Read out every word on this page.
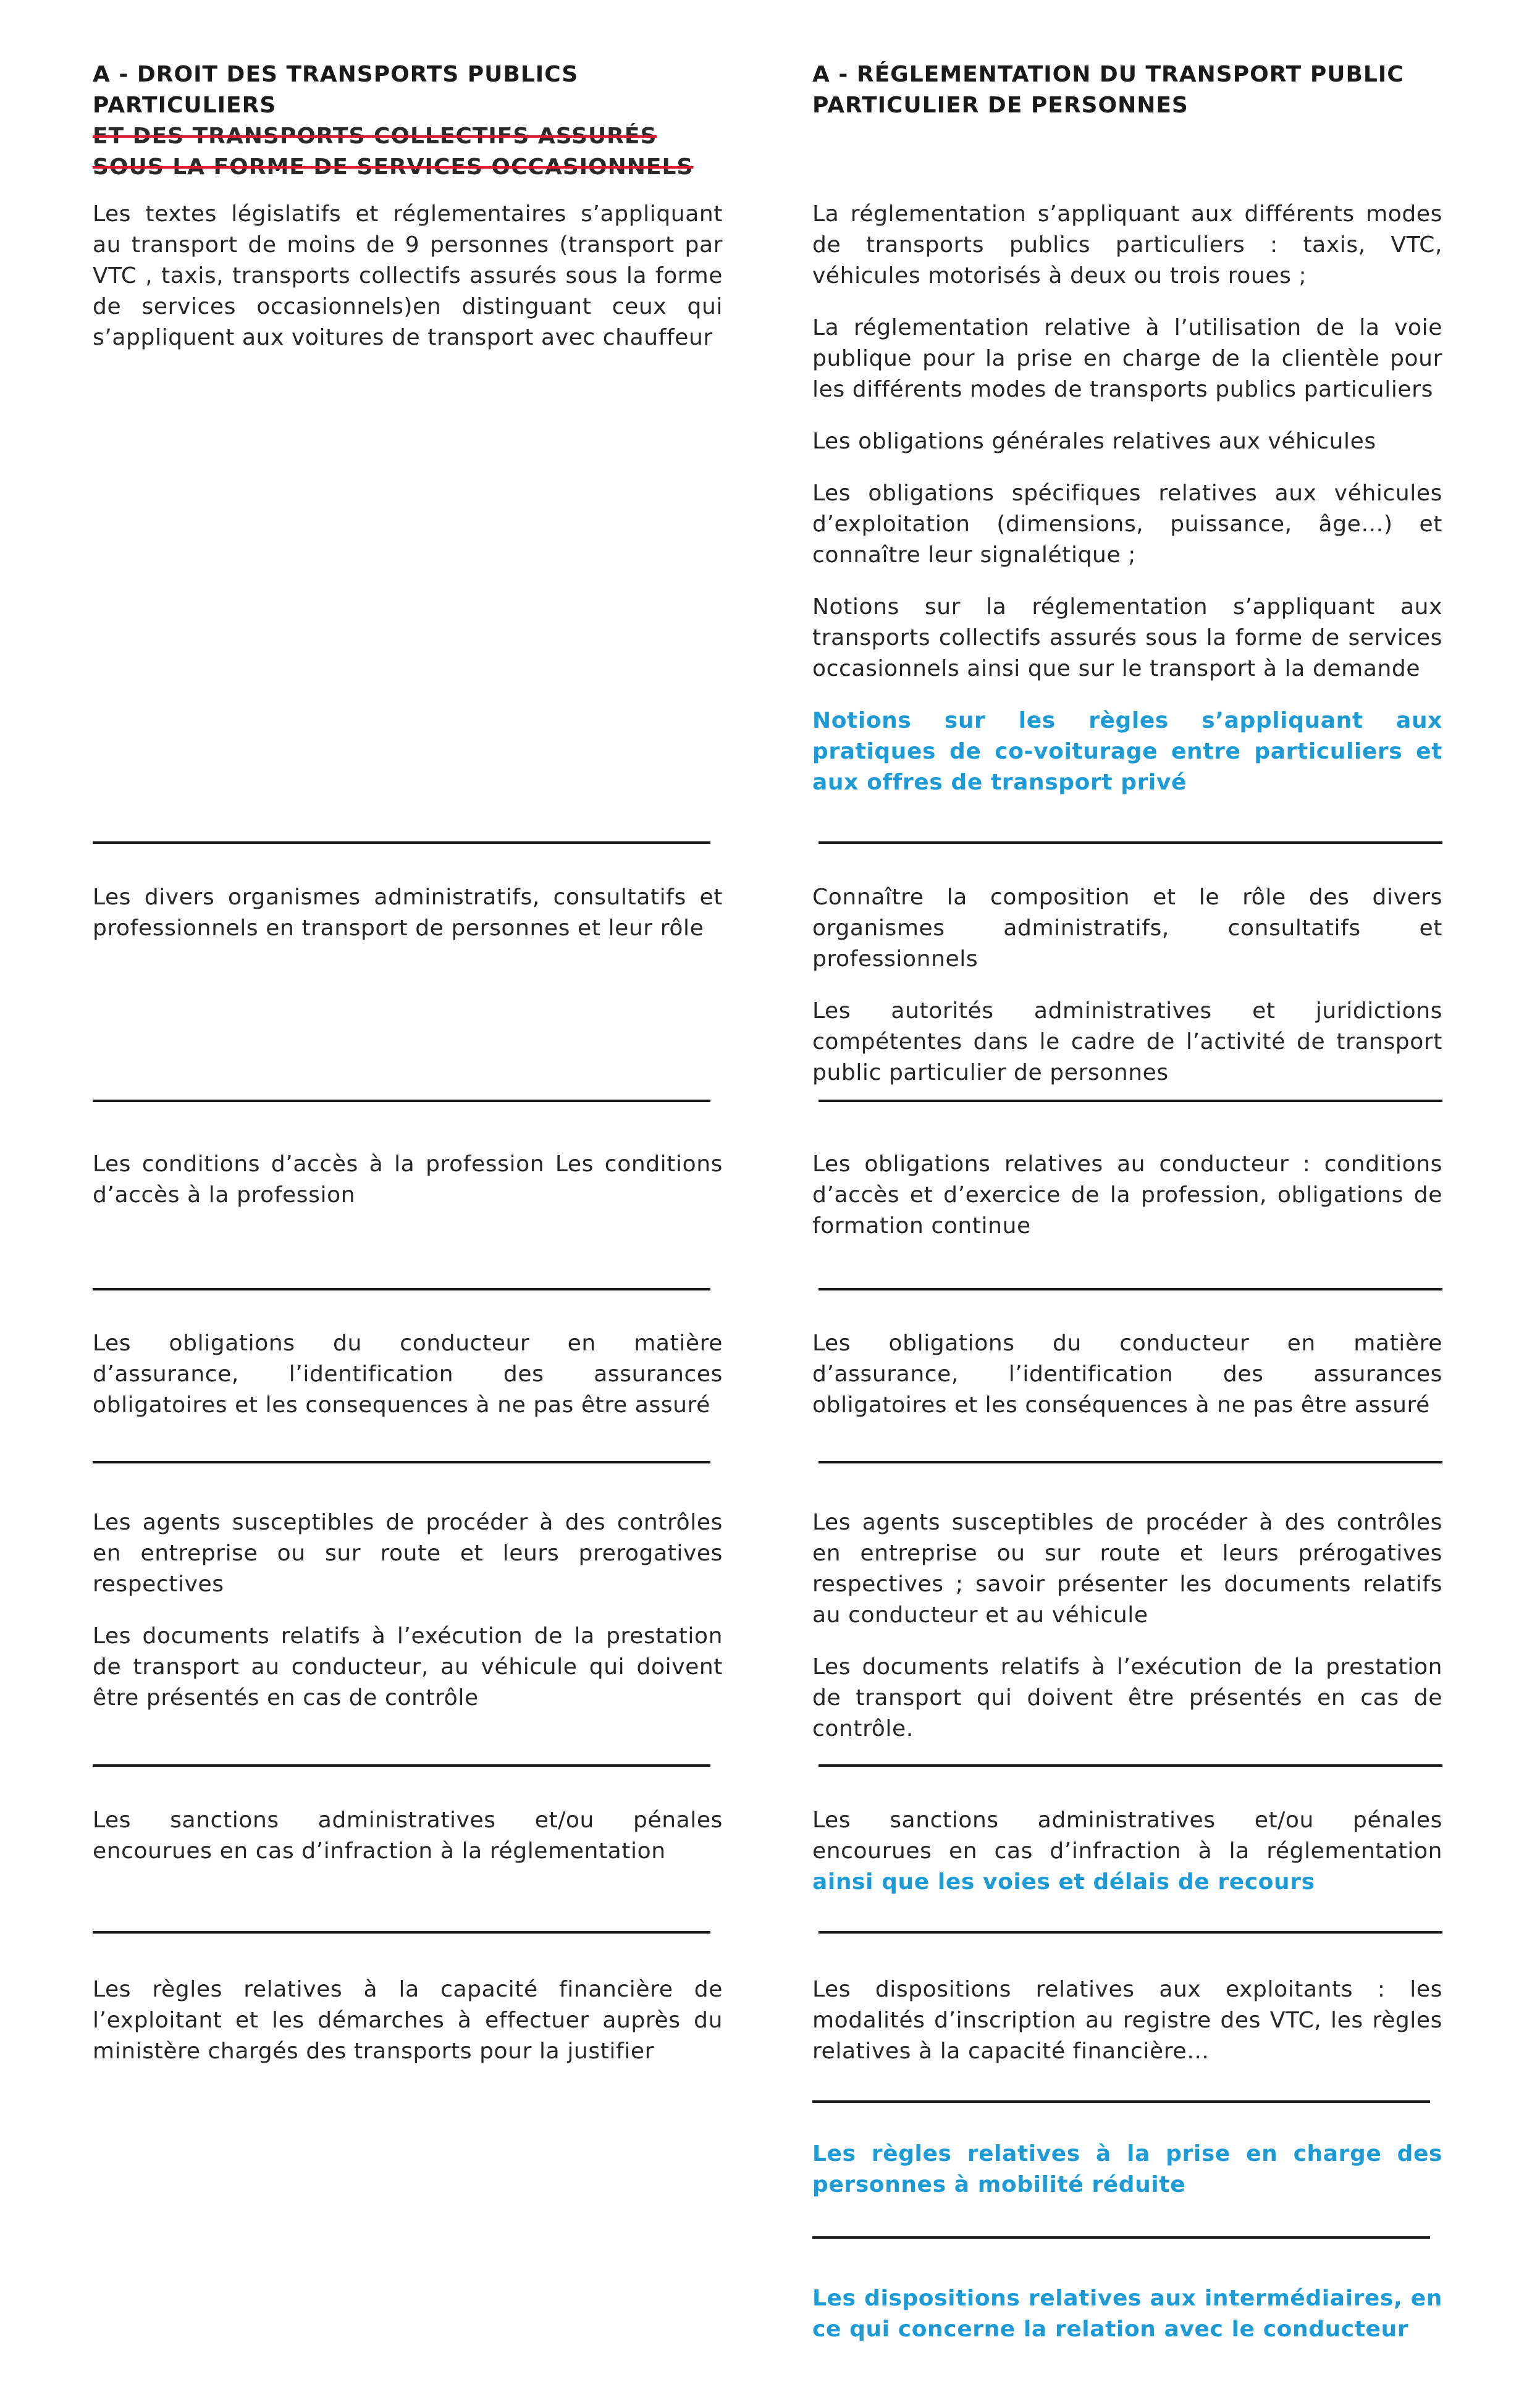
A - DROIT DES TRANSPORTS PUBLICS PARTICULIERS
ET DES TRANSPORTS COLLECTIFS ASSURÉS SOUS LA FORME DE SERVICES OCCASIONNELS

Les textes législatifs et réglementaires s’appliquant au transport de moins de 9 personnes (transport par VTC , taxis, transports collectifs assurés sous la forme de services occasionnels)en distinguant ceux qui s’appliquent aux voitures de transport avec chauffeur

Les divers organismes administratifs, consultatifs et professionnels en transport de personnes et leur rôle

Les conditions d’accès à la profession Les conditions d’accès à la profession

Les obligations du conducteur en matière d’assurance, l’identification des assurances obligatoires et les consequences à ne pas être assuré

Les agents susceptibles de procéder à des contrôles en entreprise ou sur route et leurs prerogatives respectives

Les documents relatifs à l’exécution de la prestation de transport au conducteur, au véhicule qui doivent être présentés en cas de contrôle

Les sanctions administratives et/ou pénales encourues en cas d’infraction à la réglementation

Les règles relatives à la capacité financière de l’exploitant et les démarches à effectuer auprès du ministère chargés des transports pour la justifier

A - RÉGLEMENTATION DU TRANSPORT PUBLIC PARTICULIER DE PERSONNES

La réglementation s’appliquant aux différents modes de transports publics particuliers : taxis, VTC, véhicules motorisés à deux ou trois roues ;

La réglementation relative à l’utilisation de la voie publique pour la prise en charge de la clientèle pour les différents modes de transports publics particuliers

Les obligations générales relatives aux véhicules

Les obligations spécifiques relatives aux véhicules d’exploitation (dimensions, puissance, âge…) et connaître leur signalétique ;

Notions sur la réglementation s’appliquant aux transports collectifs assurés sous la forme de services occasionnels ainsi que sur le transport à la demande

Notions sur les règles s’appliquant aux pratiques de co-voiturage entre particuliers et aux offres de transport privé

Connaître la composition et le rôle des divers organismes administratifs, consultatifs et professionnels

Les autorités administratives et juridictions compétentes dans le cadre de l’activité de transport public particulier de personnes

Les obligations relatives au conducteur : conditions d’accès et d’exercice de la profession, obligations de formation continue

Les obligations du conducteur en matière d’assurance, l’identification des assurances obligatoires et les conséquences à ne pas être assuré

Les agents susceptibles de procéder à des contrôles en entreprise ou sur route et leurs prérogatives respectives ; savoir présenter les documents relatifs au conducteur et au véhicule

Les documents relatifs à l’exécution de la prestation de transport qui doivent être présentés en cas de contrôle.

Les sanctions administratives et/ou pénales encourues en cas d’infraction à la réglementation ainsi que les voies et délais de recours

Les dispositions relatives aux exploitants : les modalités d’inscription au registre des VTC, les règles relatives à la capacité financière…

Les règles relatives à la prise en charge des personnes à mobilité réduite

Les dispositions relatives aux intermédiaires, en ce qui concerne la relation avec le conducteur
